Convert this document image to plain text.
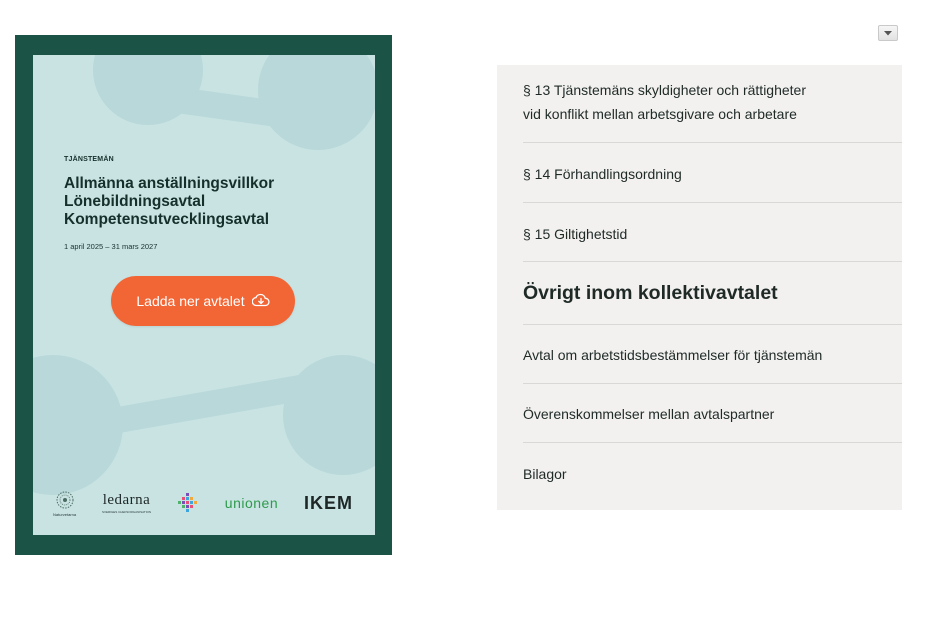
TJÄNSTEMÄN
Allmänna anställningsvillkor
Lönebildningsavtal
Kompetensutvecklingsavtal
1 april 2025 – 31 mars 2027
Ladda ner avtalet
Naturvetarna
ledarna
SVERIGES CHEFSORGANISATION
unionen IKEM
§ 13 Tjänstemäns skyldigheter och rättigheter
vid konflikt mellan arbetsgivare och arbetare
§ 14 Förhandlingsordning
§ 15 Giltighetstid
Övrigt inom kollektivavtalet
Avtal om arbetstidsbestämmelser för tjänstemän
Överenskommelser mellan avtalspartner
Bilagor
